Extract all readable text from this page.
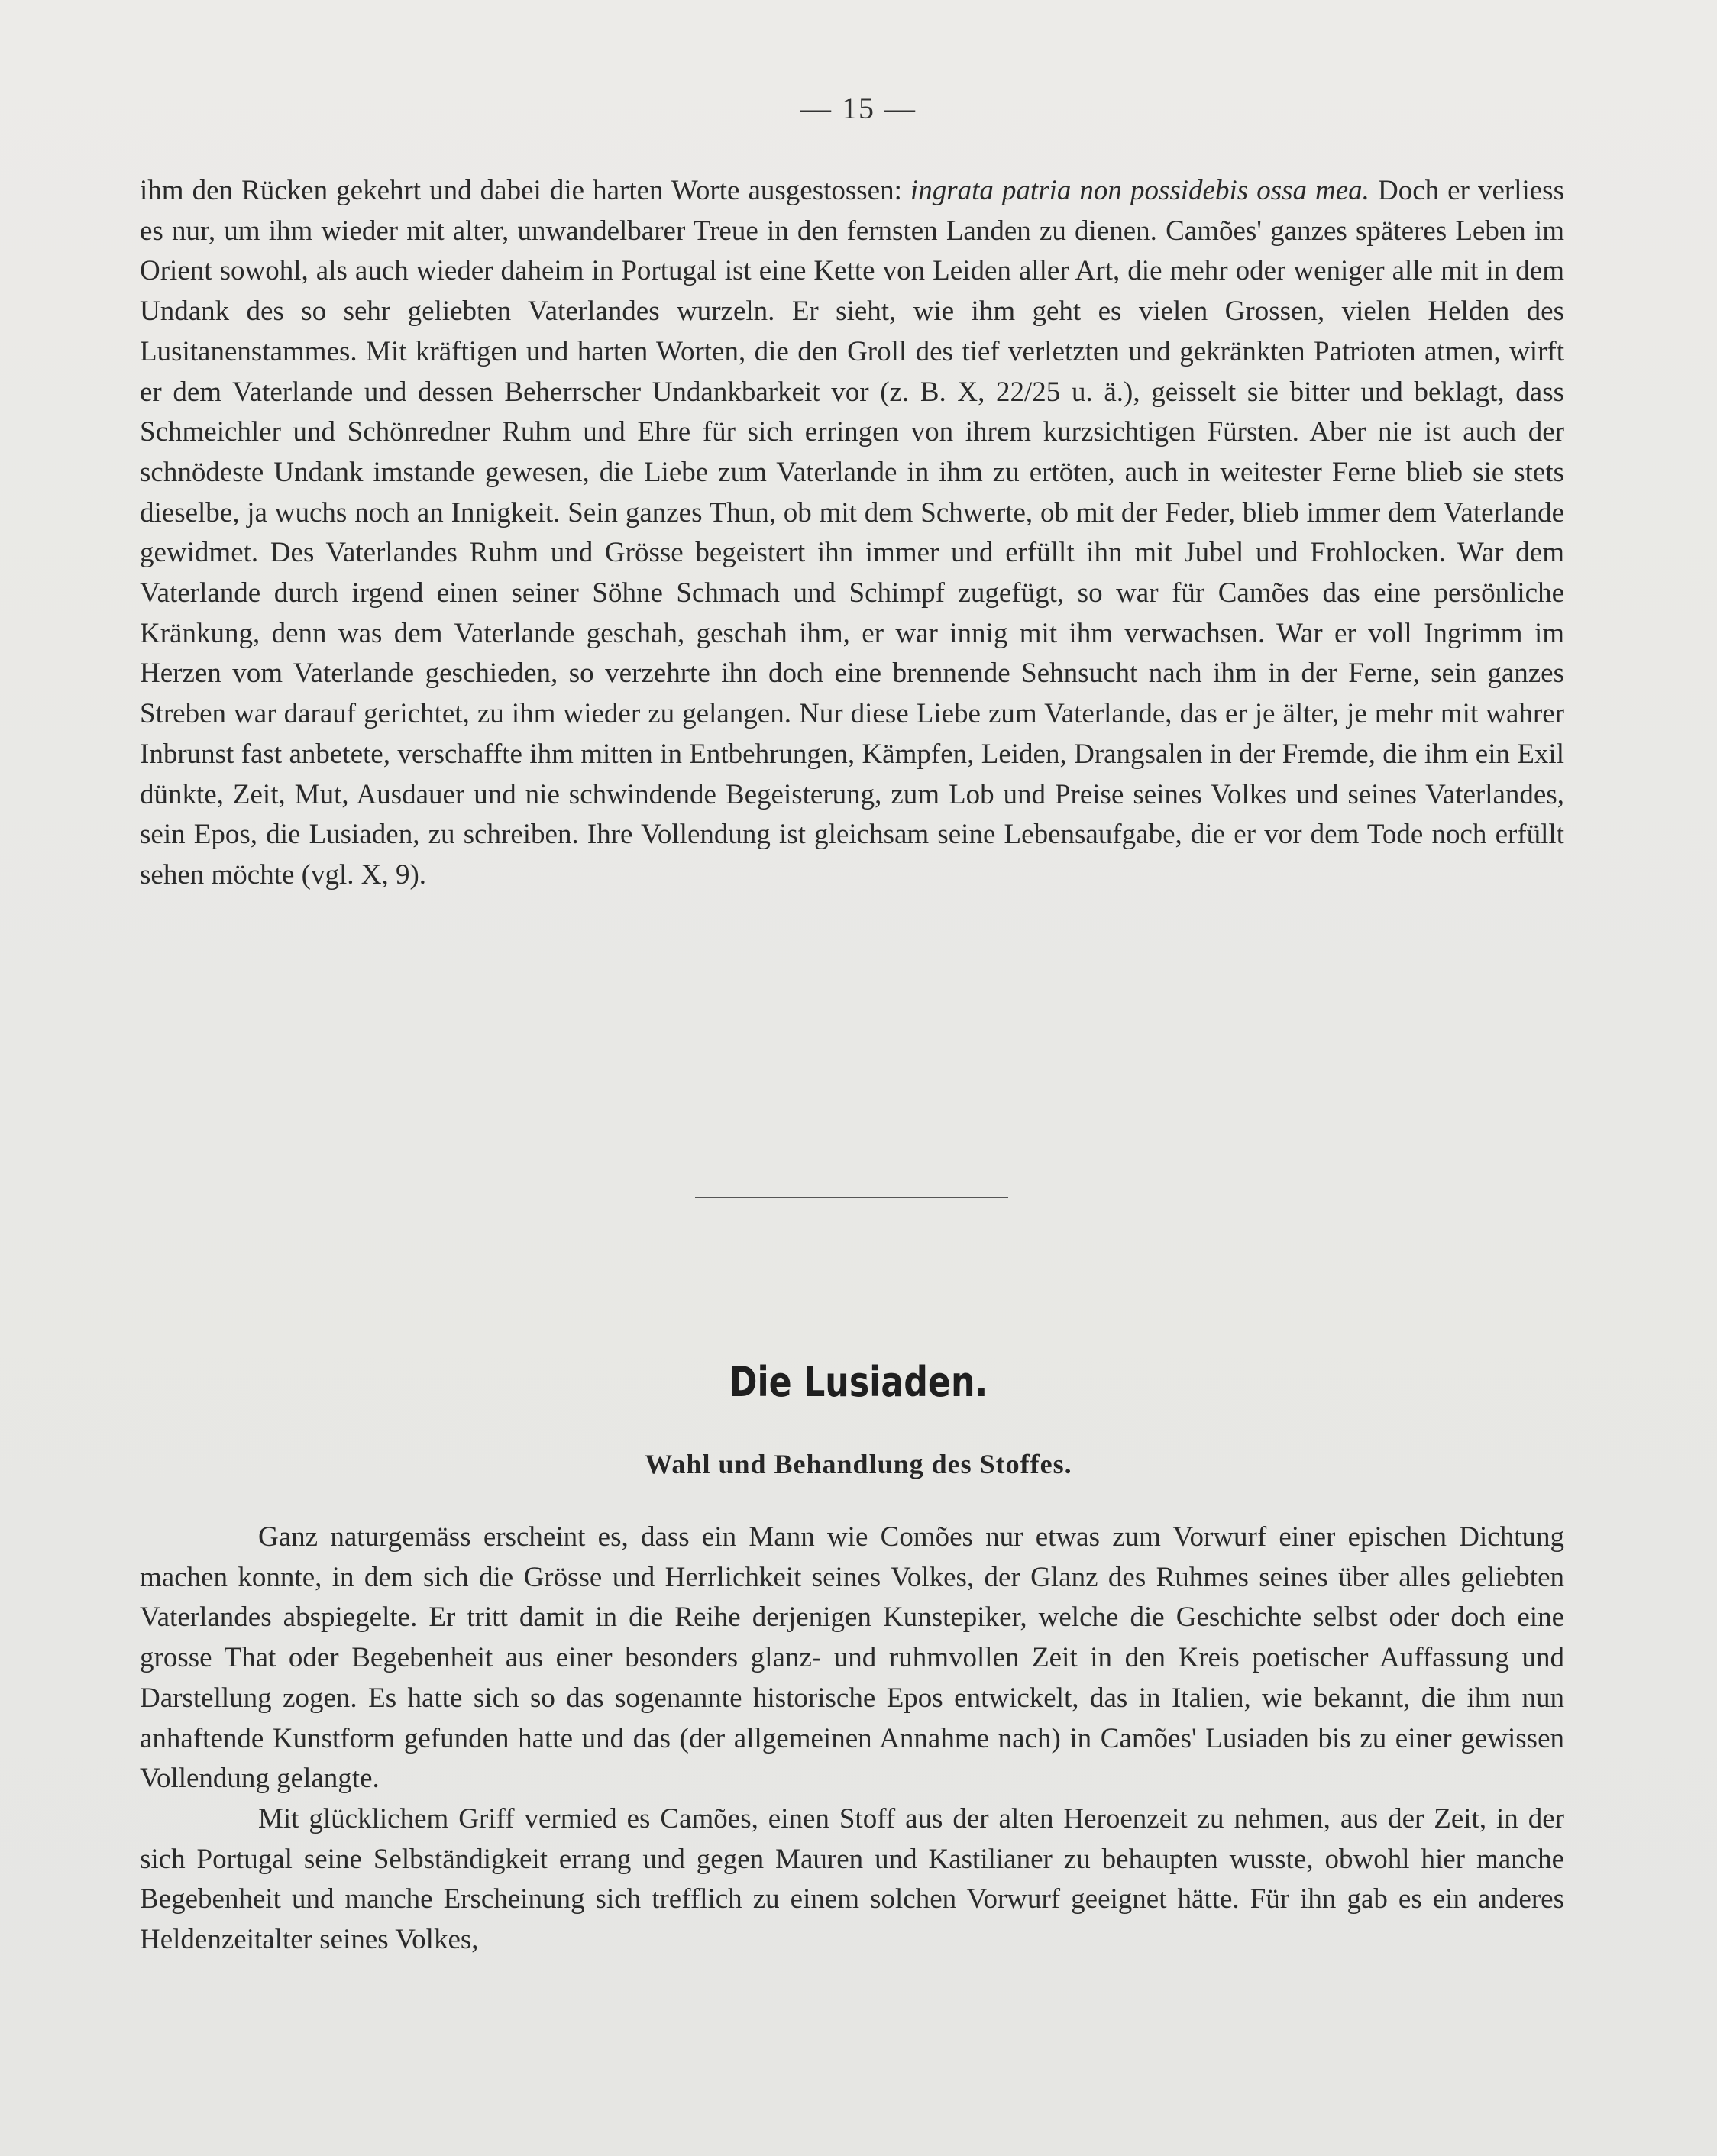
— 15 —

ihm den Rücken gekehrt und dabei die harten Worte ausgestossen: ingrata patria non possidebis ossa mea. Doch er verliess es nur, um ihm wieder mit alter, unwandelbarer Treue in den fernsten Landen zu dienen. Camões' ganzes späteres Leben im Orient sowohl, als auch wieder daheim in Portugal ist eine Kette von Leiden aller Art, die mehr oder weniger alle mit in dem Undank des so sehr geliebten Vaterlandes wurzeln. Er sieht, wie ihm geht es vielen Grossen, vielen Helden des Lusitanenstammes. Mit kräftigen und harten Worten, die den Groll des tief verletzten und gekränkten Patrioten atmen, wirft er dem Vaterlande und dessen Beherrscher Undankbarkeit vor (z. B. X, 22/25 u. ä.), geisselt sie bitter und beklagt, dass Schmeichler und Schönredner Ruhm und Ehre für sich erringen von ihrem kurzsichtigen Fürsten. Aber nie ist auch der schnödeste Undank imstande gewesen, die Liebe zum Vaterlande in ihm zu ertöten, auch in weitester Ferne blieb sie stets dieselbe, ja wuchs noch an Innigkeit. Sein ganzes Thun, ob mit dem Schwerte, ob mit der Feder, blieb immer dem Vaterlande gewidmet. Des Vaterlandes Ruhm und Grösse begeistert ihn immer und erfüllt ihn mit Jubel und Frohlocken. War dem Vaterlande durch irgend einen seiner Söhne Schmach und Schimpf zugefügt, so war für Camões das eine persönliche Kränkung, denn was dem Vaterlande geschah, geschah ihm, er war innig mit ihm verwachsen. War er voll Ingrimm im Herzen vom Vaterlande geschieden, so verzehrte ihn doch eine brennende Sehnsucht nach ihm in der Ferne, sein ganzes Streben war darauf gerichtet, zu ihm wieder zu gelangen. Nur diese Liebe zum Vaterlande, das er je älter, je mehr mit wahrer Inbrunst fast anbetete, verschaffte ihm mitten in Entbehrungen, Kämpfen, Leiden, Drangsalen in der Fremde, die ihm ein Exil dünkte, Zeit, Mut, Ausdauer und nie schwindende Begeisterung, zum Lob und Preise seines Volkes und seines Vaterlandes, sein Epos, die Lusiaden, zu schreiben. Ihre Vollendung ist gleichsam seine Lebensaufgabe, die er vor dem Tode noch erfüllt sehen möchte (vgl. X, 9).

Die Lusiaden.
Wahl und Behandlung des Stoffes.

Ganz naturgemäss erscheint es, dass ein Mann wie Comões nur etwas zum Vorwurf einer epischen Dichtung machen konnte, in dem sich die Grösse und Herrlichkeit seines Volkes, der Glanz des Ruhmes seines über alles geliebten Vaterlandes abspiegelte. Er tritt damit in die Reihe derjenigen Kunstepiker, welche die Geschichte selbst oder doch eine grosse That oder Begebenheit aus einer besonders glanz- und ruhmvollen Zeit in den Kreis poetischer Auffassung und Darstellung zogen. Es hatte sich so das sogenannte historische Epos entwickelt, das in Italien, wie bekannt, die ihm nun anhaftende Kunstform gefunden hatte und das (der allgemeinen Annahme nach) in Camões' Lusiaden bis zu einer gewissen Vollendung gelangte.

Mit glücklichem Griff vermied es Camões, einen Stoff aus der alten Heroenzeit zu nehmen, aus der Zeit, in der sich Portugal seine Selbständigkeit errang und gegen Mauren und Kastilianer zu behaupten wusste, obwohl hier manche Begebenheit und manche Erscheinung sich trefflich zu einem solchen Vorwurf geeignet hätte. Für ihn gab es ein anderes Heldenzeitalter seines Volkes,
